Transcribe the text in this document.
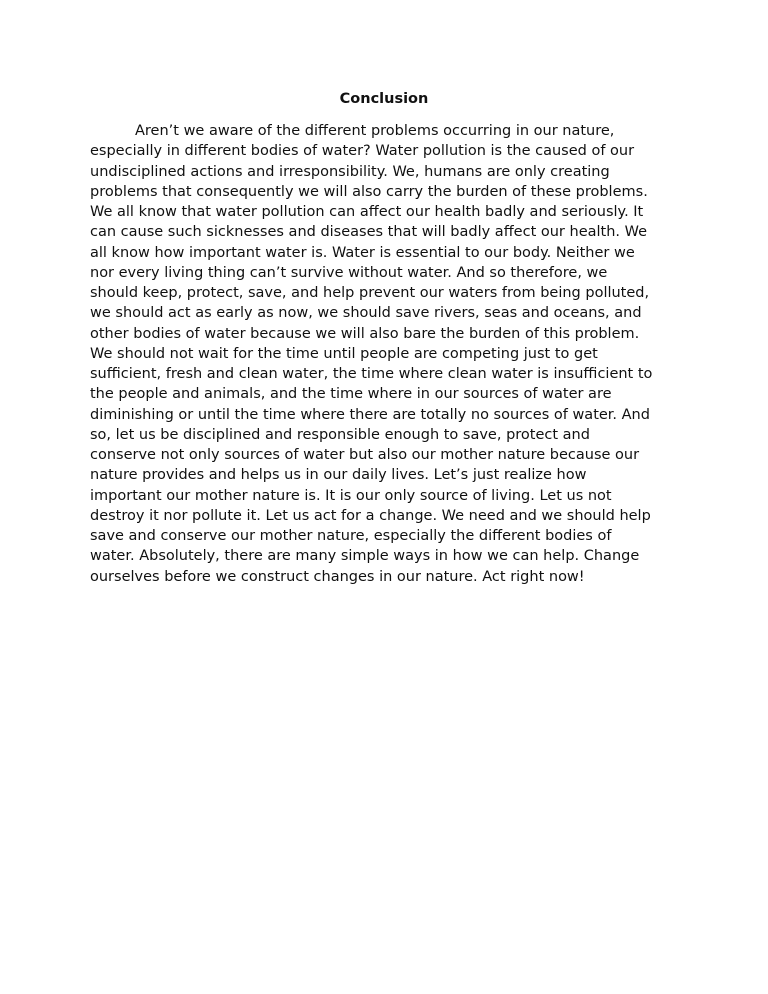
Conclusion
Aren’t we aware of the different problems occurring in our nature,
especially in different bodies of water? Water pollution is the caused of our
undisciplined actions and irresponsibility. We, humans are only creating
problems that consequently we will also carry the burden of these problems.
We all know that water pollution can affect our health badly and seriously. It
can cause such sicknesses and diseases that will badly affect our health. We
all know how important water is. Water is essential to our body. Neither we
nor every living thing can’t survive without water. And so therefore, we
should keep, protect, save, and help prevent our waters from being polluted,
we should act as early as now, we should save rivers, seas and oceans, and
other bodies of water because we will also bare the burden of this problem.
We should not wait for the time until people are competing just to get
sufficient, fresh and clean water, the time where clean water is insufficient to
the people and animals, and the time where in our sources of water are
diminishing or until the time where there are totally no sources of water. And
so, let us be disciplined and responsible enough to save, protect and
conserve not only sources of water but also our mother nature because our
nature provides and helps us in our daily lives. Let’s just realize how
important our mother nature is. It is our only source of living. Let us not
destroy it nor pollute it. Let us act for a change. We need and we should help
save and conserve our mother nature, especially the different bodies of
water. Absolutely, there are many simple ways in how we can help. Change
ourselves before we construct changes in our nature. Act right now!
